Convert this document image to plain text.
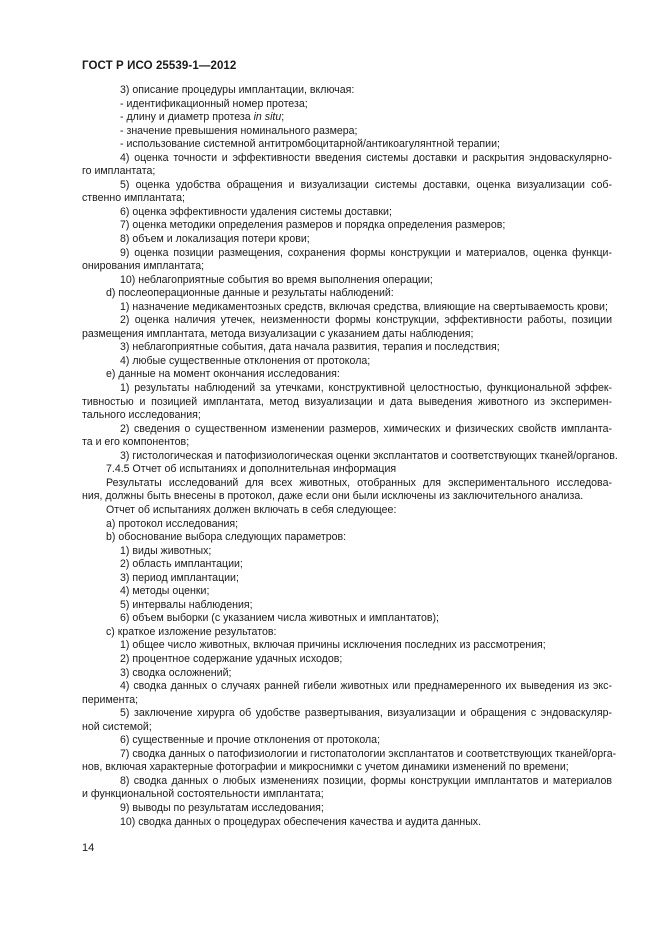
ГОСТ Р ИСО 25539-1—2012
3) описание процедуры имплантации, включая:
- идентификационный номер протеза;
- длину и диаметр протеза in situ;
- значение превышения номинального размера;
- использование системной антитромбоцитарной/антикоагулянтной терапии;
4) оценка точности и эффективности введения системы доставки и раскрытия эндоваскулярно-
го имплантата;
5) оценка удобства обращения и визуализации системы доставки, оценка визуализации соб-
ственно имплантата;
6) оценка эффективности удаления системы доставки;
7) оценка методики определения размеров и порядка определения размеров;
8) объем и локализация потери крови;
9) оценка позиции размещения, сохранения формы конструкции и материалов, оценка функци-
онирования имплантата;
10) неблагоприятные события во время выполнения операции;
d) послеоперационные данные и результаты наблюдений:
1) назначение медикаментозных средств, включая средства, влияющие на свертываемость крови;
2) оценка наличия утечек, неизменности формы конструкции, эффективности работы, позиции
размещения имплантата, метода визуализации с указанием даты наблюдения;
3) неблагоприятные события, дата начала развития, терапия и последствия;
4) любые существенные отклонения от протокола;
e) данные на момент окончания исследования:
1) результаты наблюдений за утечками, конструктивной целостностью, функциональной эффек-
тивностью и позицией имплантата, метод визуализации и дата выведения животного из эксперимен-
тального исследования;
2) сведения о существенном изменении размеров, химических и физических свойств импланта-
та и его компонентов;
3) гистологическая и патофизиологическая оценки эксплантатов и соответствующих тканей/органов.
7.4.5 Отчет об испытаниях и дополнительная информация
Результаты исследований для всех животных, отобранных для экспериментального исследова-
ния, должны быть внесены в протокол, даже если они были исключены из заключительного анализа.
Отчет об испытаниях должен включать в себя следующее:
a) протокол исследования;
b) обоснование выбора следующих параметров:
1) виды животных;
2) область имплантации;
3) период имплантации;
4) методы оценки;
5) интервалы наблюдения;
6) объем выборки (с указанием числа животных и имплантатов);
c) краткое изложение результатов:
1) общее число животных, включая причины исключения последних из рассмотрения;
2) процентное содержание удачных исходов;
3) сводка осложнений;
4) сводка данных о случаях ранней гибели животных или преднамеренного их выведения из экс-
перимента;
5) заключение хирурга об удобстве развертывания, визуализации и обращения с эндоваскуляр-
ной системой;
6) существенные и прочие отклонения от протокола;
7) сводка данных о патофизиологии и гистопатологии эксплантатов и соответствующих тканей/орга-
нов, включая характерные фотографии и микроснимки с учетом динамики изменений по времени;
8) сводка данных о любых изменениях позиции, формы конструкции имплантатов и материалов
и функциональной состоятельности имплантата;
9) выводы по результатам исследования;
10) сводка данных о процедурах обеспечения качества и аудита данных.
14
